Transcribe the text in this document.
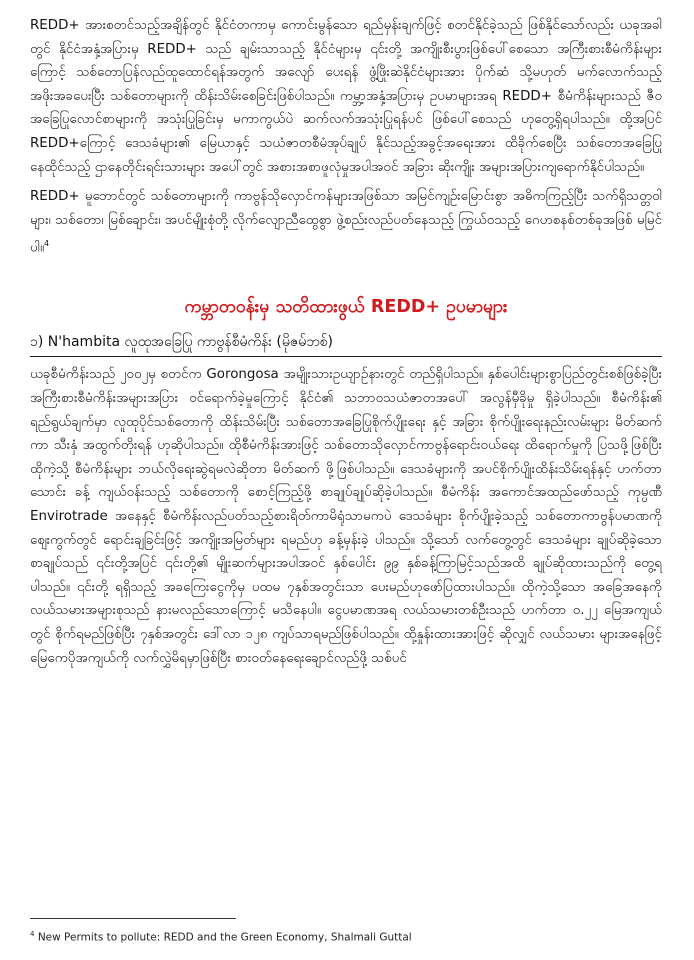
REDD+ အားစတင်သည့်အချိန်တွင် နိုင်ငံတကာမှ ကောင်းမွန်သော ရည်မှန်းချက်ဖြင့် စတင်နိုင်ခဲ့သည် ဖြစ်နိုင်သော်လည်း ယခုအခါတွင် နိုင်ငံအနှံ့အပြားမှ REDD+ သည် ချမ်းသာသည့် နိုင်ငံများမှ ၎င်းတို့ အကျိုးစီးပွားဖြစ်ပေါ်စေသော အကြီးစားစီမံကိန်းများကြောင့် သစ်တောပြန်လည်ထူထောင်ရန်အတွက် အလျော် ပေးရန် ဖွံ့ဖြိုးဆဲနိုင်ငံများအား ပိုက်ဆံ သို့မဟုတ် မက်လောက်သည့် အဖိုးအခပေးပြီး သစ်တောများကို ထိန်းသိမ်းစေခြင်းဖြစ်ပါသည်။ ကမ္ဘာ့အနှံ့အပြားမှ ဥပမာများအရ REDD+ စီမံကိန်းများသည် ဇီဝအခြေပြုလောင်စာများကို အသုံးပြုခြင်းမှ မကာကွယ်ပဲ ဆက်လက်အသုံးပြုရန်ပင် ဖြစ်ပေါ်စေသည် ဟုတွေ့ရှိရပါသည်။ ထို့အပြင် REDD+ကြောင့် ဒေသခံများ၏ မြေယာနှင့် သယံဇာတစီမံအုပ်ချုပ် နိုင်သည့်အခွင့်အရေးအား ထိခိုက်စေပြီး သစ်တောအခြေပြုနေထိုင်သည့် ဌာနေတိုင်းရင်းသားများ အပေါ်တွင် အစားအစာဖူလုံမှုအပါအဝင် အခြား ဆိုးကျိုး အများအပြားကျရောက်နိုင်ပါသည်။

REDD+ မူဘောင်တွင် သစ်တောများကို ကာဗွန်သိုလှောင်ကန်များအဖြစ်သာ အမြင်ကျဉ်းမြောင်းစွာ အဓိကကြည့်ပြီး သက်ရှိသတ္တဝါများ၊ သစ်တော၊ မြစ်ချောင်း၊ အပင်မျိုးစုံတို့ လိုက်လျောညီထွေစွာ ဖွဲ့စည်းလည်ပတ်နေသည့် ကြွယ်ဝသည့် ဂေဟစနစ်တစ်ခုအဖြစ် မမြင်ပါ။$^4$

ကမ္ဘာတဝန်းမှ သတိထားဖွယ် REDD+ ဥပမာများ

၁) N'hambita လူထုအခြေပြု ကာဗွန်စီမံကိန်း (မိုဇမ်ဘစ်)

ယခုစီမံကိန်းသည် ၂၀၀၂မှ စတင်က Gorongosa အမျိုးသားဥယျာဉ်နားတွင် တည်ရှိပါသည်။ နှစ်ပေါင်းများစွာပြည်တွင်းစစ်ဖြစ်ခဲ့ပြီး အကြီးစားစီမံကိန်းအများအပြား ဝင်ရောက်ခဲ့မှုကြောင့် နိုင်ငံ၏ သဘာဝသယံဇာတအပေါ် အလွန်မှီခိုမှု ရှိခဲ့ပါသည်။ စီမံကိန်း၏ ရည်ရွယ်ချက်မှာ လူထုပိုင်သစ်တောကို ထိန်းသိမ်းပြီး သစ်တောအခြေပြုစိုက်ပျိုးရေး နှင့် အခြား စိုက်ပျိုးရေးနည်းလမ်းများ မိတ်ဆက်ကာ သီးနှံ အထွက်တိုးရန် ဟုဆိုပါသည်။ ထိုစီမံကိန်းအားဖြင့် သစ်တောသိုလှောင်ကာဗွန်ရောင်းဝယ်ရေး ထိရောက်မှုကို ပြသဖို့ဖြစ်ပြီး ထိုကဲ့သို့ စီမံကိန်းများ ဘယ်လိုရေးဆွဲရမလဲဆိုတာ မိတ်ဆက် ဖို့ဖြစ်ပါသည်။ ဒေသခံများကို အပင်စိုက်ပျိုးထိန်းသိမ်းရန်နှင့် ဟက်တာသောင်း ခန့် ကျယ်ဝန်းသည့် သစ်တောကို စောင့်ကြည့်ဖို့ စာချုပ်ချုပ်ဆိုခဲ့ပါသည်။ စီမံကိန်း အကောင်အထည်ဖော်သည့် ကုမ္ပဏီ Envirotrade အနေနှင့် စီမံကိန်းလည်ပတ်သည့်စားရိတ်ကာမိရုံသာမကပဲ ဒေသခံများ စိုက်ပျိုးခဲ့သည့် သစ်တောကာဗွန်ပမာဏကို ဈေးကွက်တွင် ရောင်းချခြင်းဖြင့် အကျိုးအမြတ်များ ရမည်ဟု ခန့်မှန်းခဲ့ ပါသည်။ သို့သော် လက်တွေ့တွင် ဒေသခံများ ချုပ်ဆိုခဲ့သော စာချုပ်သည် ၎င်းတို့အပြင် ၎င်းတို့၏ မျိုးဆက်များအပါအဝင် နှစ်ပေါင်း ၉၉ နှစ်ခန့်ကြာမြင့်သည်အထိ ချုပ်ဆိုထားသည်ကို တွေ့ရပါသည်။ ၎င်းတို့ ရရှိသည့် အခကြေးငွေကိုမှ ပထမ ၇နှစ်အတွင်းသာ ပေးမည်ဟုဖော်ပြထားပါသည်။ ထိုကဲ့သို့သော အခြေအနေကို လယ်သမားအများစုသည် နားမလည်သောကြောင့် မသိနေပါ။ ငွေပမာဏအရ လယ်သမားတစ်ဦးသည် ဟက်တာ ၀.၂၂ မြေအကျယ်တွင် စိုက်ရမည်ဖြစ်ပြီး ၇နှစ်အတွင်း ဒေါ်လာ ၁၂၈ ကျပ်သာရမည်ဖြစ်ပါသည်။ ထို့နှုန်းထားအားဖြင့် ဆိုလျှင် လယ်သမား များအနေဖြင့် မြေကေပိုအကျယ်ကို လက်လွှဲမိရမှာဖြစ်ပြီး စားဝတ်နေရေးချောင်လည်ဖို့ သစ်ပင်

$^4$ New Permits to pollute: REDD and the Green Economy, Shalmali Guttal
